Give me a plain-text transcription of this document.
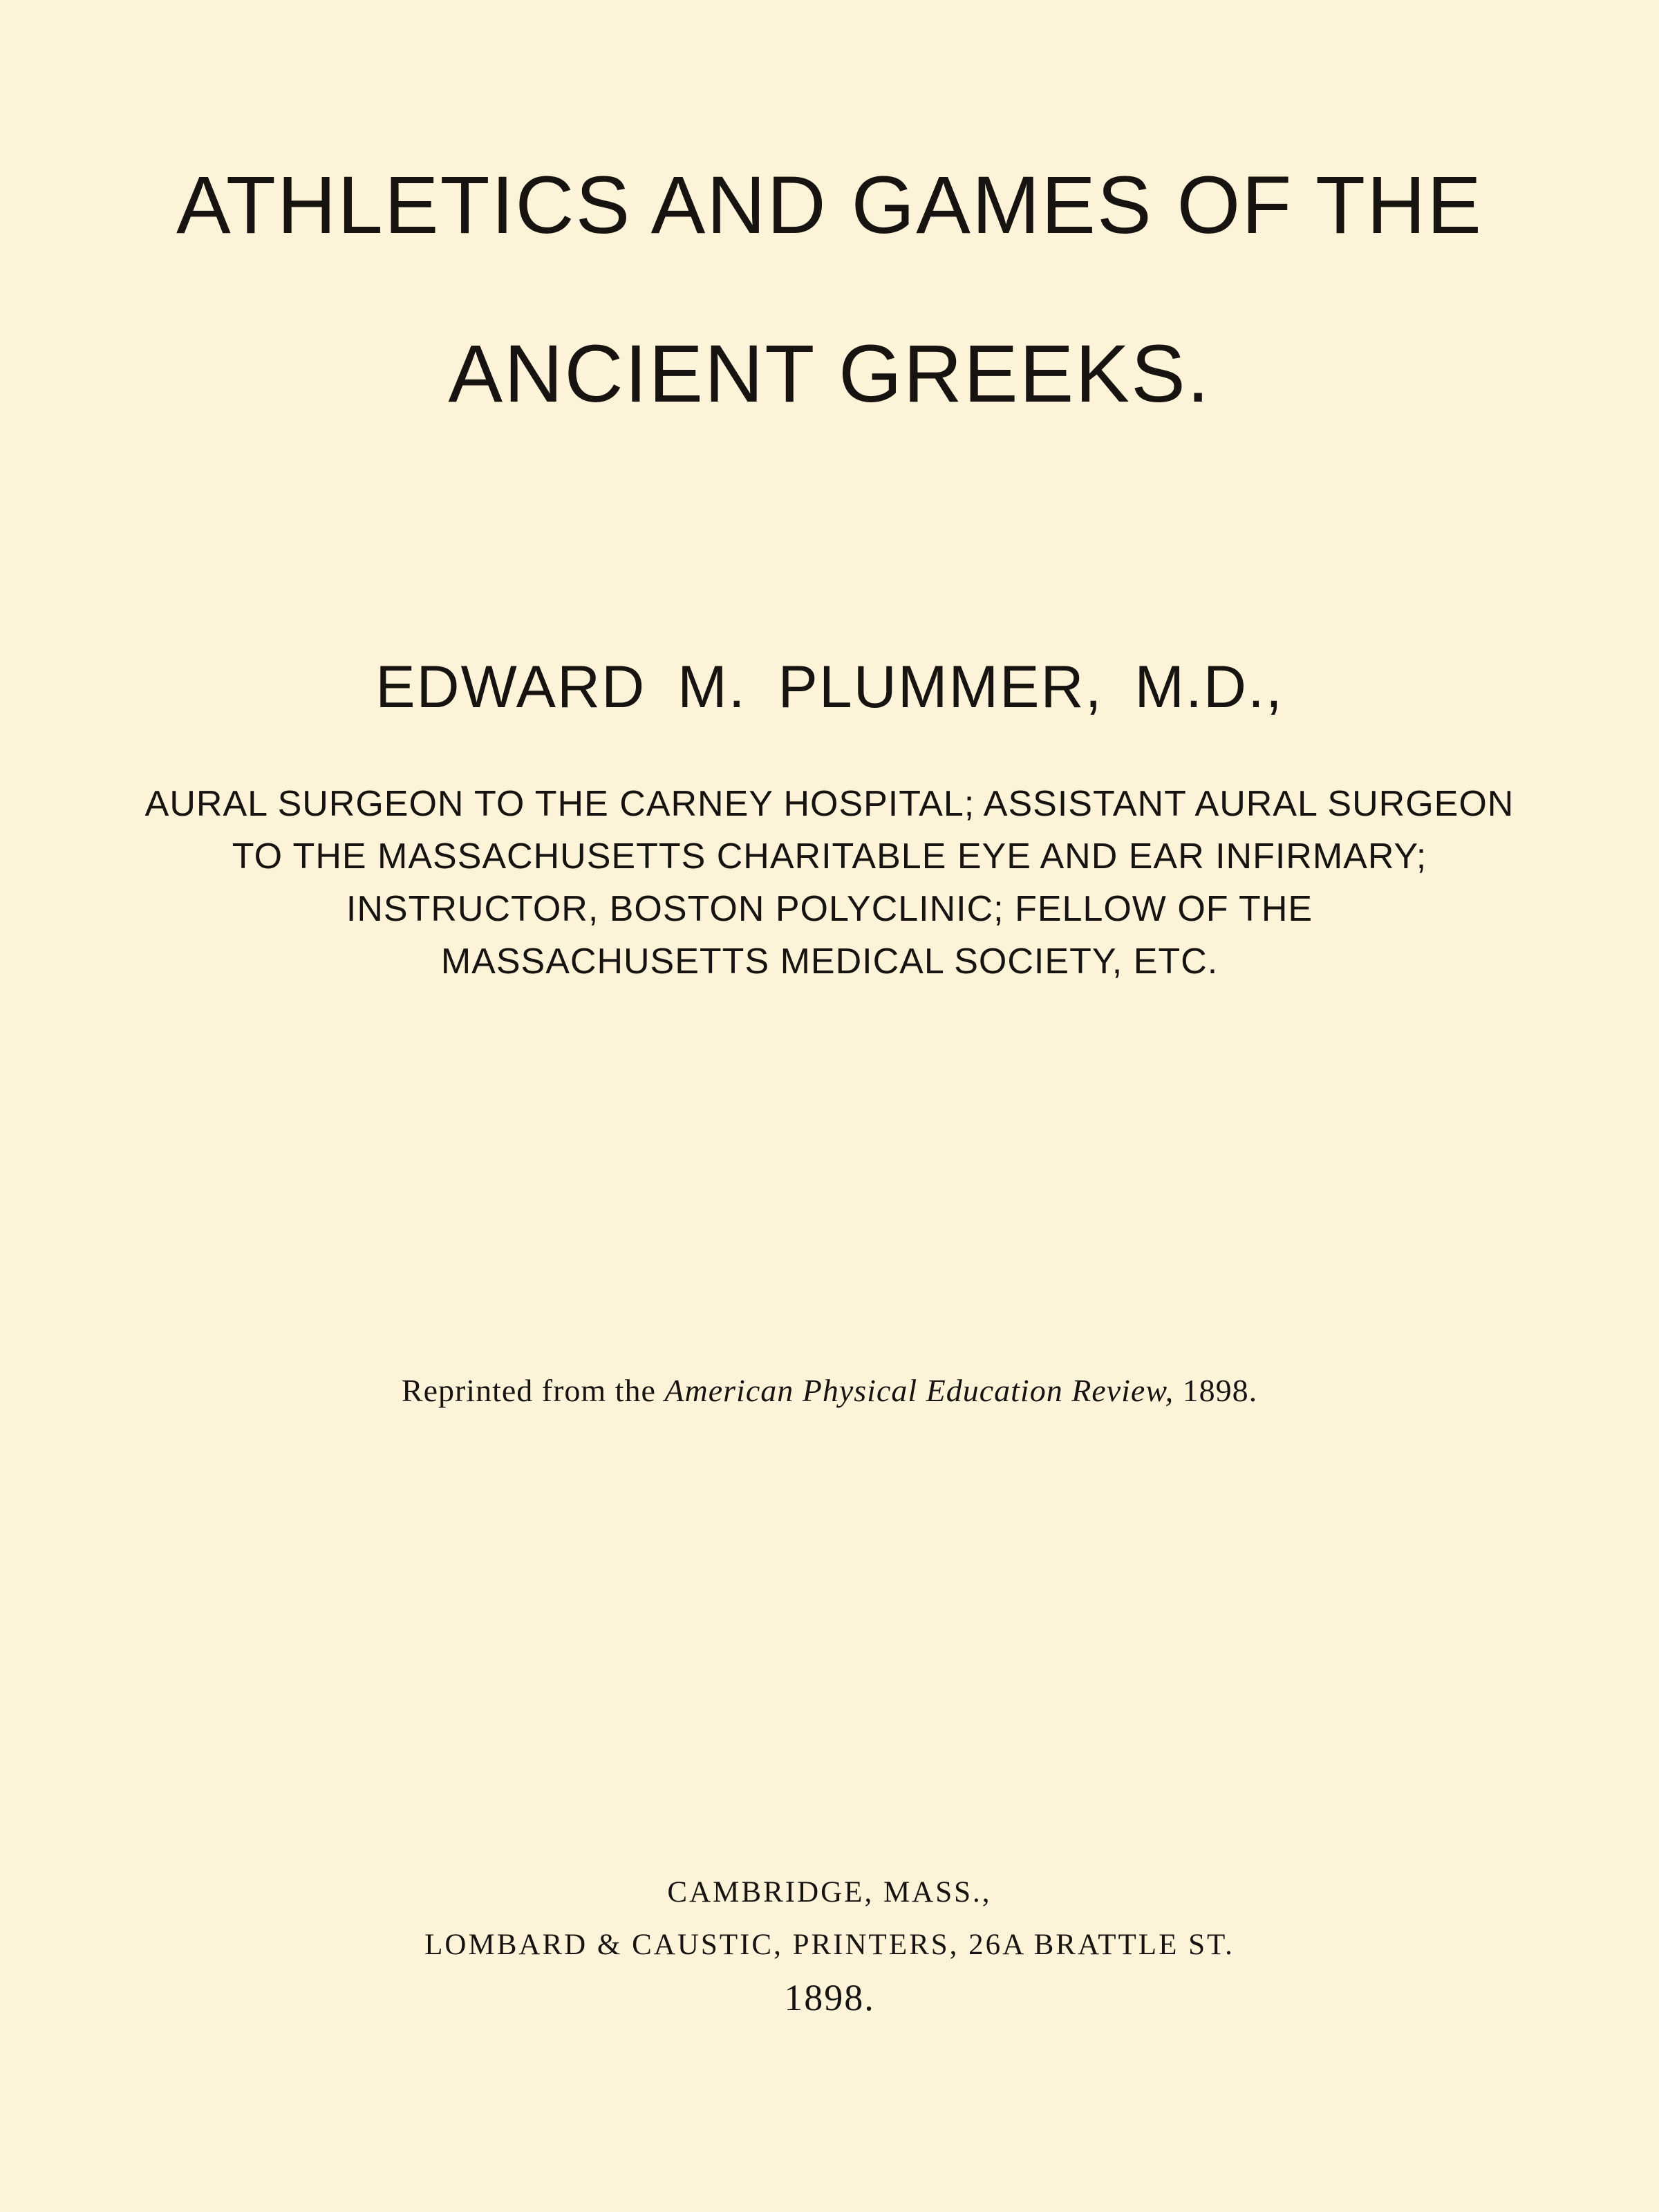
ATHLETICS AND GAMES OF THE
ANCIENT GREEKS.
EDWARD M. PLUMMER, M.D.,
AURAL SURGEON TO THE CARNEY HOSPITAL; ASSISTANT AURAL SURGEON
TO THE MASSACHUSETTS CHARITABLE EYE AND EAR INFIRMARY;
INSTRUCTOR, BOSTON POLYCLINIC; FELLOW OF THE
MASSACHUSETTS MEDICAL SOCIETY, ETC.
Reprinted from the American Physical Education Review, 1898.
CAMBRIDGE, MASS.,
LOMBARD & CAUSTIC, PRINTERS, 26A BRATTLE ST.
1898.
